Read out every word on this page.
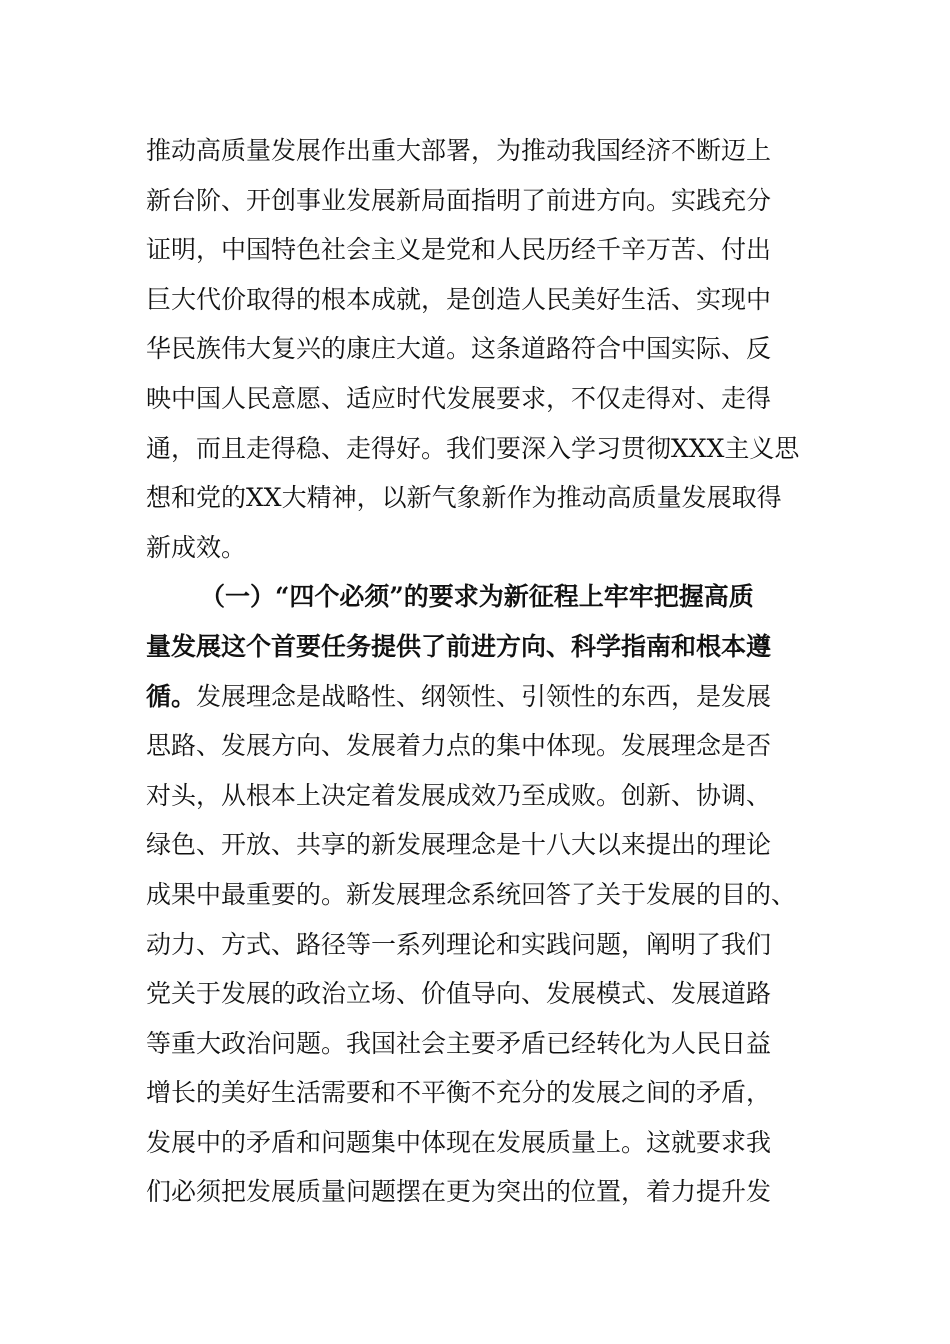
推动高质量发展作出重大部署，为推动我国经济不断迈上
新台阶、开创事业发展新局面指明了前进方向。实践充分
证明，中国特色社会主义是党和人民历经千辛万苦、付出
巨大代价取得的根本成就，是创造人民美好生活、实现中
华民族伟大复兴的康庄大道。这条道路符合中国实际、反
映中国人民意愿、适应时代发展要求，不仅走得对、走得
通，而且走得稳、走得好。我们要深入学习贯彻XXX主义思
想和党的XX大精神，以新气象新作为推动高质量发展取得
新成效。
（一）“四个必须”的要求为新征程上牢牢把握高质
量发展这个首要任务提供了前进方向、科学指南和根本遵
循。发展理念是战略性、纲领性、引领性的东西，是发展
思路、发展方向、发展着力点的集中体现。发展理念是否
对头，从根本上决定着发展成效乃至成败。创新、协调、
绿色、开放、共享的新发展理念是十八大以来提出的理论
成果中最重要的。新发展理念系统回答了关于发展的目的、
动力、方式、路径等一系列理论和实践问题，阐明了我们
党关于发展的政治立场、价值导向、发展模式、发展道路
等重大政治问题。我国社会主要矛盾已经转化为人民日益
增长的美好生活需要和不平衡不充分的发展之间的矛盾，
发展中的矛盾和问题集中体现在发展质量上。这就要求我
们必须把发展质量问题摆在更为突出的位置，着力提升发
